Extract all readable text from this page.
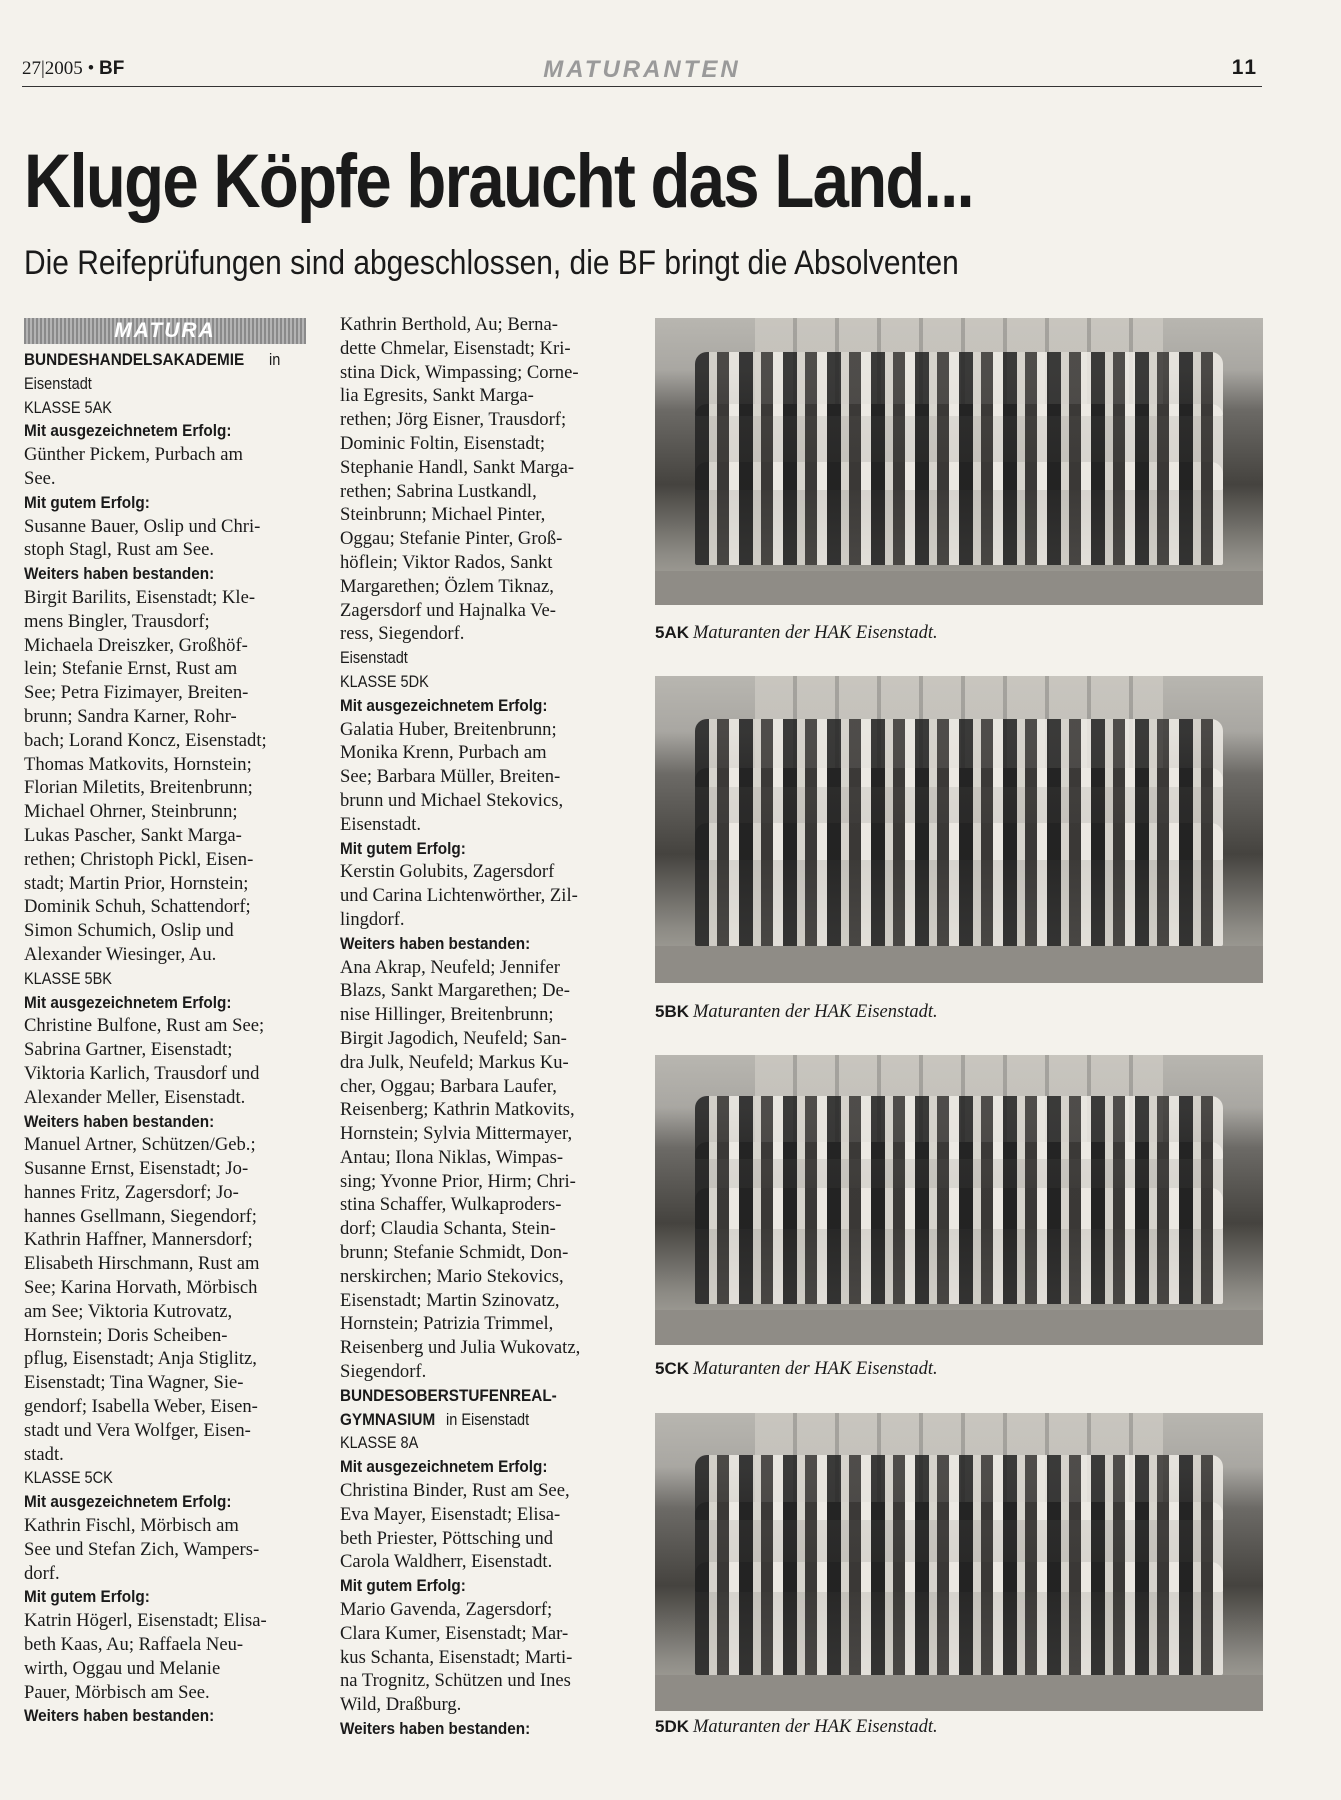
27|2005 • BF	MATURANTEN	11
Kluge Köpfe braucht das Land...
Die Reifeprüfungen sind abgeschlossen, die BF bringt die Absolventen
MATURA
BUNDESHANDELSAKADEMIEin
Eisenstadt
KLASSE 5AK
Mit ausgezeichnetem Erfolg:
Günther Pickem, Purbach am
See.
Mit gutem Erfolg:
Susanne Bauer, Oslip und Chri-
stoph Stagl, Rust am See.
Weiters haben bestanden:
Birgit Barilits, Eisenstadt; Kle-
mens Bingler, Trausdorf;
Michaela Dreiszker, Großhöf-
lein; Stefanie Ernst, Rust am
See; Petra Fizimayer, Breiten-
brunn; Sandra Karner, Rohr-
bach; Lorand Koncz, Eisenstadt;
Thomas Matkovits, Hornstein;
Florian Miletits, Breitenbrunn;
Michael Ohrner, Steinbrunn;
Lukas Pascher, Sankt Marga-
rethen; Christoph Pickl, Eisen-
stadt; Martin Prior, Hornstein;
Dominik Schuh, Schattendorf;
Simon Schumich, Oslip und
Alexander Wiesinger, Au.
KLASSE 5BK
Mit ausgezeichnetem Erfolg:
Christine Bulfone, Rust am See;
Sabrina Gartner, Eisenstadt;
Viktoria Karlich, Trausdorf und
Alexander Meller, Eisenstadt.
Weiters haben bestanden:
Manuel Artner, Schützen/Geb.;
Susanne Ernst, Eisenstadt; Jo-
hannes Fritz, Zagersdorf; Jo-
hannes Gsellmann, Siegendorf;
Kathrin Haffner, Mannersdorf;
Elisabeth Hirschmann, Rust am
See; Karina Horvath, Mörbisch
am See; Viktoria Kutrovatz,
Hornstein; Doris Scheiben-
pflug, Eisenstadt; Anja Stiglitz,
Eisenstadt; Tina Wagner, Sie-
gendorf; Isabella Weber, Eisen-
stadt und Vera Wolfger, Eisen-
stadt.
KLASSE 5CK
Mit ausgezeichnetem Erfolg:
Kathrin Fischl, Mörbisch am
See und Stefan Zich, Wampers-
dorf.
Mit gutem Erfolg:
Katrin Högerl, Eisenstadt; Elisa-
beth Kaas, Au; Raffaela Neu-
wirth, Oggau und Melanie
Pauer, Mörbisch am See.
Weiters haben bestanden:
Kathrin Berthold, Au; Berna-
dette Chmelar, Eisenstadt; Kri-
stina Dick, Wimpassing; Corne-
lia Egresits, Sankt Marga-
rethen; Jörg Eisner, Trausdorf;
Dominic Foltin, Eisenstadt;
Stephanie Handl, Sankt Marga-
rethen; Sabrina Lustkandl,
Steinbrunn; Michael Pinter,
Oggau; Stefanie Pinter, Groß-
höflein; Viktor Rados, Sankt
Margarethen; Özlem Tiknaz,
Zagersdorf und Hajnalka Ve-
ress, Siegendorf.
Eisenstadt
KLASSE 5DK
Mit ausgezeichnetem Erfolg:
Galatia Huber, Breitenbrunn;
Monika Krenn, Purbach am
See; Barbara Müller, Breiten-
brunn und Michael Stekovics,
Eisenstadt.
Mit gutem Erfolg:
Kerstin Golubits, Zagersdorf
und Carina Lichtenwörther, Zil-
lingdorf.
Weiters haben bestanden:
Ana Akrap, Neufeld; Jennifer
Blazs, Sankt Margarethen; De-
nise Hillinger, Breitenbrunn;
Birgit Jagodich, Neufeld; San-
dra Julk, Neufeld; Markus Ku-
cher, Oggau; Barbara Laufer,
Reisenberg; Kathrin Matkovits,
Hornstein; Sylvia Mittermayer,
Antau; Ilona Niklas, Wimpas-
sing; Yvonne Prior, Hirm; Chri-
stina Schaffer, Wulkaproders-
dorf; Claudia Schanta, Stein-
brunn; Stefanie Schmidt, Don-
nerskirchen; Mario Stekovics,
Eisenstadt; Martin Szinovatz,
Hornstein; Patrizia Trimmel,
Reisenberg und Julia Wukovatz,
Siegendorf.
BUNDESOBERSTUFENREAL-
GYMNASIUMin Eisenstadt
KLASSE 8A
Mit ausgezeichnetem Erfolg:
Christina Binder, Rust am See,
Eva Mayer, Eisenstadt; Elisa-
beth Priester, Pöttsching und
Carola Waldherr, Eisenstadt.
Mit gutem Erfolg:
Mario Gavenda, Zagersdorf;
Clara Kumer, Eisenstadt; Mar-
kus Schanta, Eisenstadt; Marti-
na Trognitz, Schützen und Ines
Wild, Draßburg.
Weiters haben bestanden:
5AK Maturanten der HAK Eisenstadt.
5BK Maturanten der HAK Eisenstadt.
5CK Maturanten der HAK Eisenstadt.
5DK Maturanten der HAK Eisenstadt.
